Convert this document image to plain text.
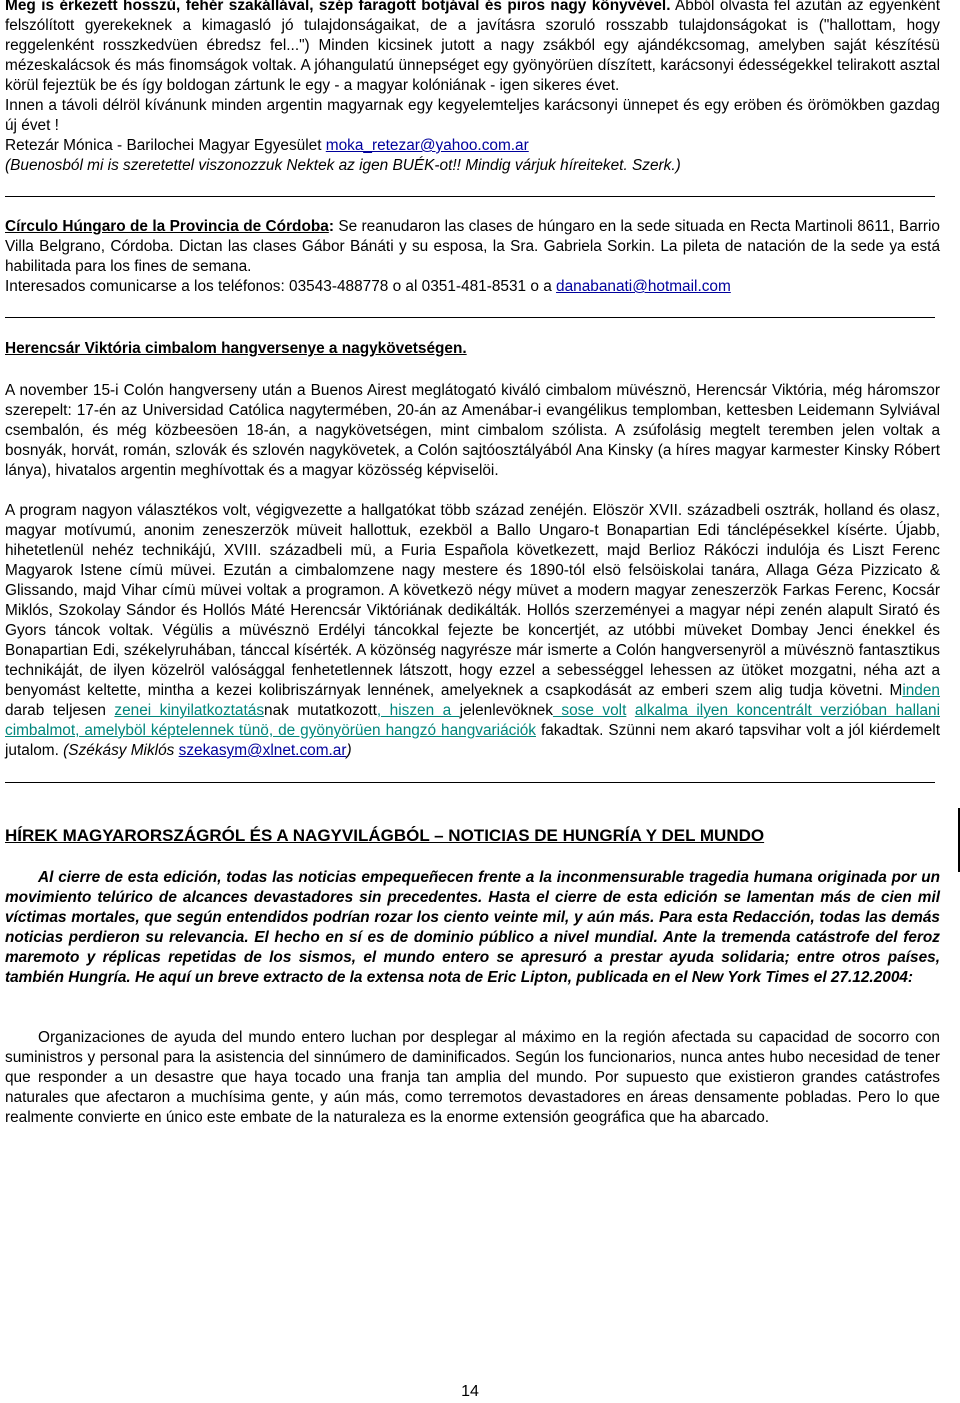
Meg is érkezett hosszú, fehér szakállával, szép faragott botjával és piros nagy könyvével. Abból olvasta fel azután az egyenként felszólított gyerekeknek a kimagasló jó tulajdonságaikat, de a javításra szoruló rosszabb tulajdonságokat is ("hallottam, hogy reggelenként rosszkedvüen ébredsz fel...") Minden kicsinek jutott a nagy zsákból egy ajándékcsomag, amelyben saját készítésü mézeskalácsok és más finomságok voltak. A jóhangulatú ünnepséget egy gyönyörüen díszített, karácsonyi édességekkel telirakott asztal körül fejeztük be és így boldogan zártunk le egy - a magyar kolóniának - igen sikeres évet.

Innen a távoli délröl kívánunk minden argentin magyarnak egy kegyelemteljes karácsonyi ünnepet és egy eröben és örömökben gazdag új évet !

Retezár Mónica - Barilochei Magyar Egyesület moka_retezar@yahoo.com.ar

(Buenosból mi is szeretettel viszonozzuk Nektek az igen BUÉK-ot!! Mindig várjuk híreiteket. Szerk.)

Círculo Húngaro de la Provincia de Córdoba: Se reanudaron las clases de húngaro en la sede situada en Recta Martinoli 8611, Barrio Villa Belgrano, Córdoba. Dictan las clases Gábor Bánáti y su esposa, la Sra. Gabriela Sorkin. La pileta de natación de la sede ya está habilitada para los fines de semana.

Interesados comunicarse a los teléfonos: 03543-488778 o al 0351-481-8531 o a danabanati@hotmail.com

Herencsár Viktória cimbalom hangversenye a nagykövetségen.

A november 15-i Colón hangverseny után a Buenos Airest meglátogató kiváló cimbalom müvésznö, Herencsár Viktória, még háromszor szerepelt: 17-én az Universidad Católica nagytermében, 20-án az Amenábar-i evangélikus templomban, kettesben Leidemann Sylviával csembalón, és még közbeesöen 18-án, a nagykövetségen, mint cimbalom szólista. A zsúfolásig megtelt teremben jelen voltak a bosnyák, horvát, román, szlovák és szlovén nagykövetek, a Colón sajtóosztályából Ana Kinsky (a híres magyar karmester Kinsky Róbert lánya), hivatalos argentin meghívottak és a magyar közösség képviselöi.

A program nagyon választékos volt, végigvezette a hallgatókat több század zenéjén. Elöször XVII. századbeli osztrák, holland és olasz, magyar motívumú, anonim zeneszerzök müveit hallottuk, ezekböl a Ballo Ungaro-t Bonapartian Edi tánclépésekkel kísérte. Újabb, hihetetlenül nehéz technikájú, XVIII. századbeli mü, a Furia Española következett, majd Berlioz Rákóczi indulója és Liszt Ferenc Magyarok Istene címü müvei. Ezután a cimbalomzene nagy mestere és 1890-tól elsö felsöiskolai tanára, Allaga Géza Pizzicato & Glissando, majd Vihar címü müvei voltak a programon. A következö négy müvet a modern magyar zeneszerzök Farkas Ferenc, Kocsár Miklós, Szokolay Sándor és Hollós Máté Herencsár Viktóriának dedikálták. Hollós szerzeményei a magyar népi zenén alapult Sirató és Gyors táncok voltak. Végülis a müvésznö Erdélyi táncokkal fejezte be koncertjét, az utóbbi müveket Dombay Jenci énekkel és Bonapartian Edi, székelyruhában, tánccal kísérték. A közönség nagyrésze már ismerte a Colón hangversenyröl a müvésznö fantasztikus technikáját, de ilyen közelröl valósággal fenhetetlennek látszott, hogy ezzel a sebességgel lehessen az ütöket mozgatni, néha azt a benyomást keltette, mintha a kezei kolibriszárnyak lennének, amelyeknek a csapkodását az emberi szem alig tudja követni. Minden darab teljesen zenei kinyilatkoztatásnak mutatkozott, hiszen a jelenlevöknek sose volt alkalma ilyen koncentrált verzióban hallani cimbalmot, amelyböl képtelennek tünö, de gyönyörüen hangzó hangvariációk fakadtak. Szünni nem akaró tapsvihar volt a jól kiérdemelt jutalom. (Székásy Miklós szekasym@xlnet.com.ar)

HÍREK MAGYARORSZÁGRÓL ÉS A NAGYVILÁGBÓL – NOTICIAS DE HUNGRÍA Y DEL MUNDO

Al cierre de esta edición, todas las noticias empequeñecen frente a la inconmensurable tragedia humana originada por un movimiento telúrico de alcances devastadores sin precedentes. Hasta el cierre de esta edición se lamentan más de cien mil víctimas mortales, que según entendidos podrían rozar los ciento veinte mil, y aún más. Para esta Redacción, todas las demás noticias perdieron su relevancia. El hecho en sí es de dominio público a nivel mundial. Ante la tremenda catástrofe del feroz maremoto y réplicas repetidas de los sismos, el mundo entero se apresuró a prestar ayuda solidaria; entre otros países, también Hungría. He aquí un breve extracto de la extensa nota de Eric Lipton, publicada en el New York Times el 27.12.2004:

Organizaciones de ayuda del mundo entero luchan por desplegar al máximo en la región afectada su capacidad de socorro con suministros y personal para la asistencia del sinnúmero de daminificados. Según los funcionarios, nunca antes hubo necesidad de tener que responder a un desastre que haya tocado una franja tan amplia del mundo. Por supuesto que existieron grandes catástrofes naturales que afectaron a muchísima gente, y aún más, como terremotos devastadores en áreas densamente pobladas. Pero lo que realmente convierte en único este embate de la naturaleza es la enorme extensión geográfica que ha abarcado.

14
